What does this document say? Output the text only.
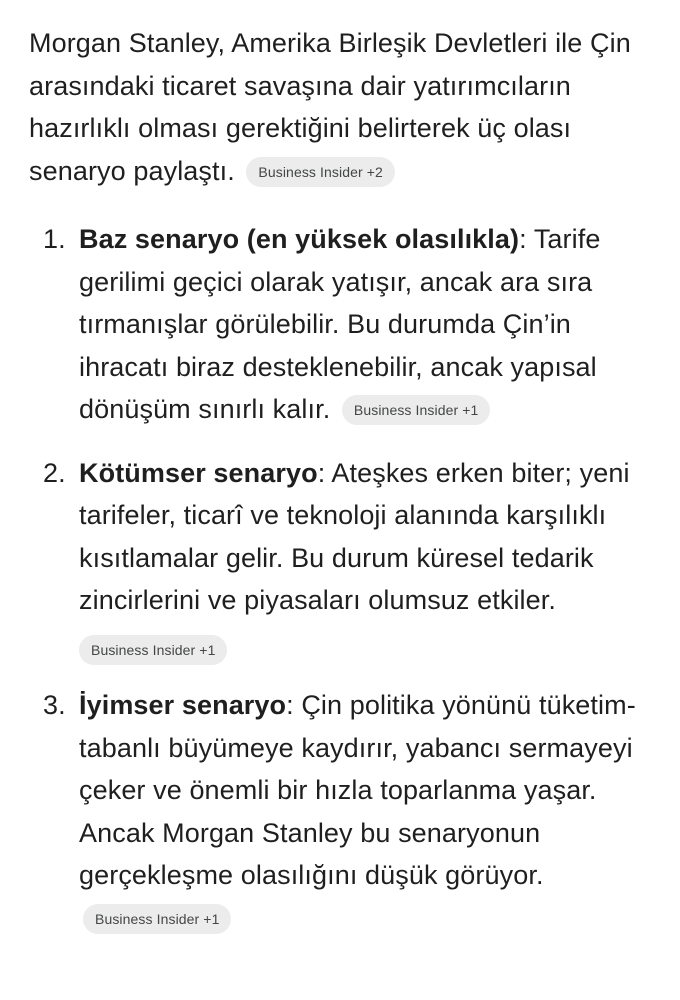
Morgan Stanley, Amerika Birleşik Devletleri ile Çin arasındaki ticaret savaşına dair yatırımcıların hazırlıklı olması gerektiğini belirterek üç olası senaryo paylaştı. Business Insider +2

1. Baz senaryo (en yüksek olasılıkla): Tarife gerilimi geçici olarak yatışır, ancak ara sıra tırmanışlar görülebilir. Bu durumda Çin’in ihracatı biraz desteklenebilir, ancak yapısal dönüşüm sınırlı kalır. Business Insider +1
2. Kötümser senaryo: Ateşkes erken biter; yeni tarifeler, ticarî ve teknoloji alanında karşılıklı kısıtlamalar gelir. Bu durum küresel tedarik zincirlerini ve piyasaları olumsuz etkiler.
Business Insider +1
3. İyimser senaryo: Çin politika yönünü tüketim-tabanlı büyümeye kaydırır, yabancı sermayeyi çeker ve önemli bir hızla toparlanma yaşar. Ancak Morgan Stanley bu senaryonun gerçekleşme olasılığını düşük görüyor. Business Insider +1
